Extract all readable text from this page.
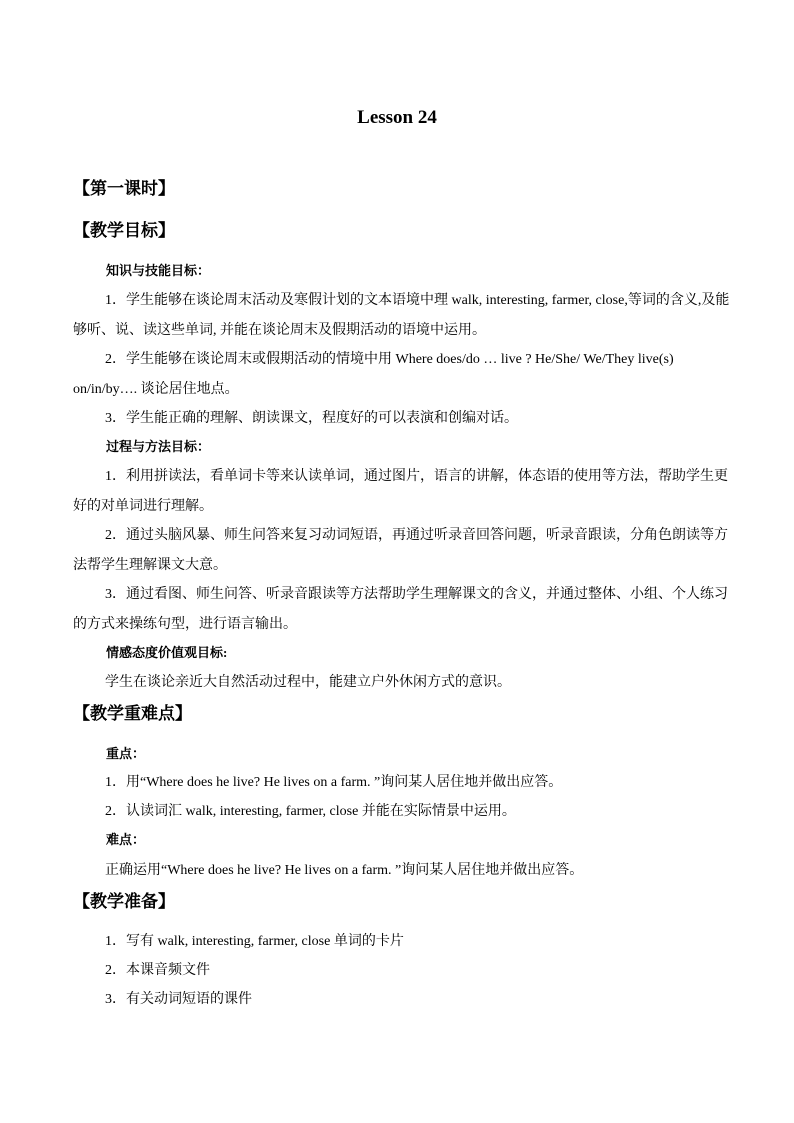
Lesson 24
【第一课时】
【教学目标】
知识与技能目标：

1．学生能够在谈论周末活动及寒假计划的文本语境中理 walk, interesting, farmer, close,等词的含义,及能够听、说、读这些单词, 并能在谈论周末及假期活动的语境中运用。

2．学生能够在谈论周末或假期活动的情境中用 Where does/do … live ? He/She/ We/They live(s) on/in/by…. 谈论居住地点。

3．学生能正确的理解、朗读课文，程度好的可以表演和创编对话。

过程与方法目标：

1．利用拼读法，看单词卡等来认读单词，通过图片，语言的讲解，体态语的使用等方法，帮助学生更好的对单词进行理解。

2．通过头脑风暴、师生问答来复习动词短语，再通过听录音回答问题，听录音跟读，分角色朗读等方法帮学生理解课文大意。

3．通过看图、师生问答、听录音跟读等方法帮助学生理解课文的含义，并通过整体、小组、个人练习的方式来操练句型，进行语言输出。

情感态度价值观目标:
学生在谈论亲近大自然活动过程中，能建立户外休闲方式的意识。
【教学重难点】
重点：
1．用“Where does he live? He lives on a farm. ”询问某人居住地并做出应答。
2．认读词汇 walk, interesting, farmer, close 并能在实际情景中运用。
难点：
正确运用“Where does he live? He lives on a farm. ”询问某人居住地并做出应答。
【教学准备】
1．写有 walk, interesting, farmer, close 单词的卡片
2．本课音频文件
3．有关动词短语的课件
